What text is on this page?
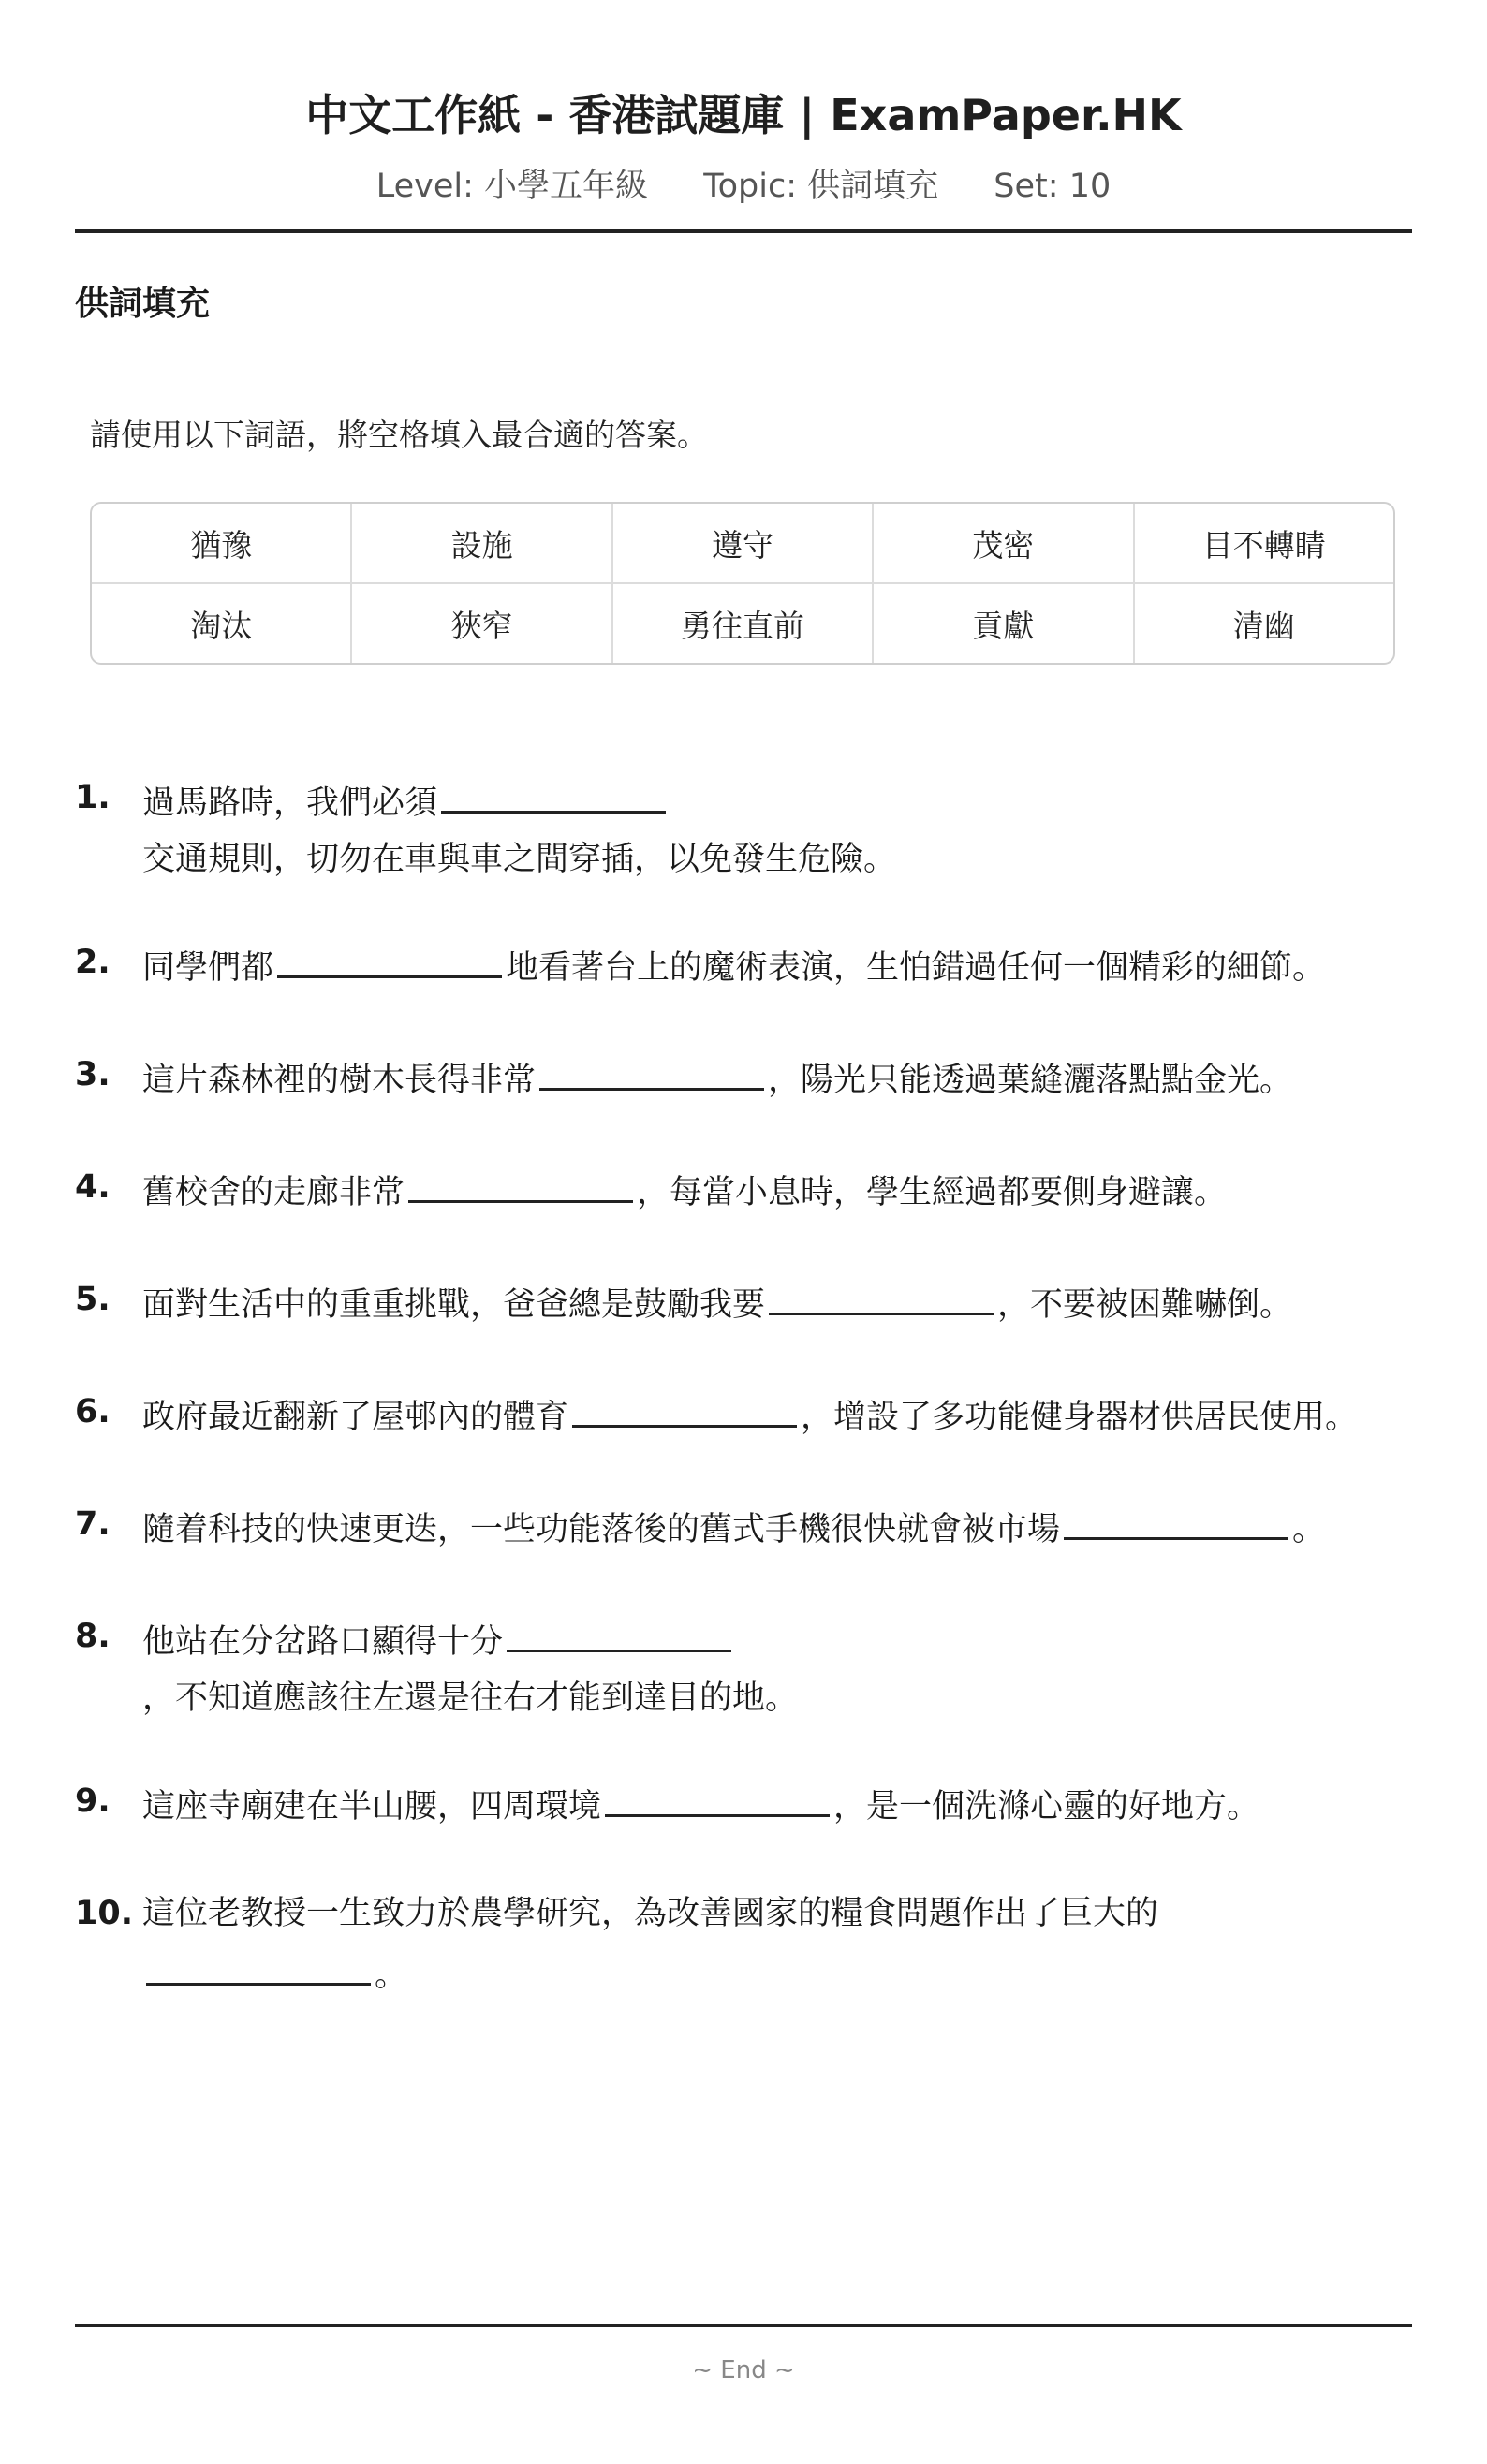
中文工作紙 - 香港試題庫 | ExamPaper.HK
Level: 小學五年級 Topic: 供詞填充 Set: 10
供詞填充
請使用以下詞語，將空格填入最合適的答案。
猶豫	設施	遵守	茂密	目不轉睛
淘汰	狹窄	勇往直前	貢獻	清幽
1. 過馬路時，我們必須
交通規則，切勿在車與車之間穿插，以免發生危險。
2. 同學們都	地看著台上的魔術表演，生怕錯過任何一個精彩的細節。
3. 這片森林裡的樹木長得非常	，陽光只能透過葉縫灑落點點金光。
4. 舊校舍的走廊非常	，每當小息時，學生經過都要側身避讓。
5. 面對生活中的重重挑戰，爸爸總是鼓勵我要	，不要被困難嚇倒。
6. 政府最近翻新了屋邨內的體育	，增設了多功能健身器材供居民使用。
7. 隨着科技的快速更迭，一些功能落後的舊式手機很快就會被市場	。
8. 他站在分岔路口顯得十分
，不知道應該往左還是往右才能到達目的地。
9. 這座寺廟建在半山腰，四周環境	，是一個洗滌心靈的好地方。
10. 這位老教授一生致力於農學研究，為改善國家的糧食問題作出了巨大的
。
~ End ~
